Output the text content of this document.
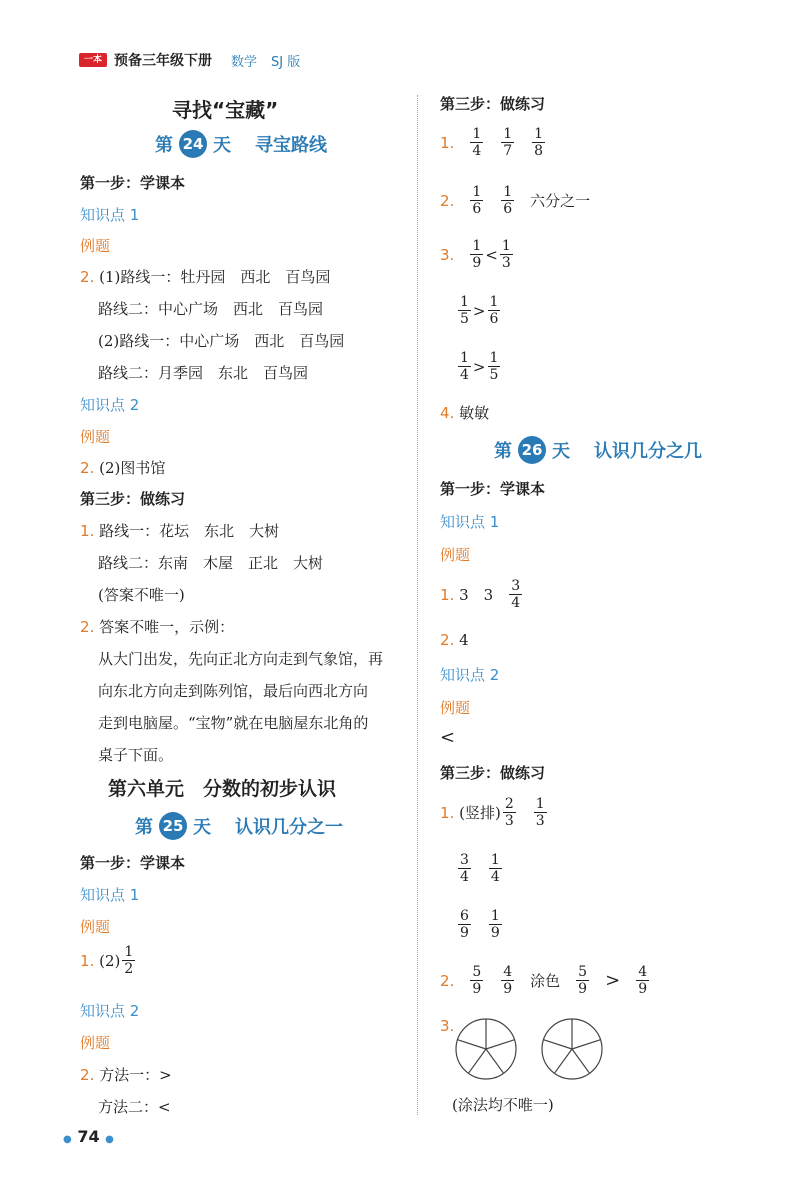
一本 预备三年级下册 数学 SJ 版
寻找“宝藏”
第 24 天 寻宝路线
第一步：学课本
知识点 1
例题
2. (1)路线一：牡丹园　西北　百鸟园
路线二：中心广场　西北　百鸟园
(2)路线一：中心广场　西北　百鸟园
路线二：月季园　东北　百鸟园
知识点 2
例题
2. (2)图书馆
第三步：做练习
1. 路线一：花坛　东北　大树
路线二：东南　木屋　正北　大树
(答案不唯一)
2. 答案不唯一，示例：
从大门出发，先向正北方向走到气象馆，再
向东北方向走到陈列馆，最后向西北方向
走到电脑屋。“宝物”就在电脑屋东北角的
桌子下面。
第六单元　分数的初步认识
第 25 天 认识几分之一
第一步：学课本
知识点 1
例题
1.
$(2) \frac{1}{2}$
知识点 2
例题
2. 方法一：>
方法二：<
第三步：做练习
1. $\frac{1}{4} \frac{1}{7} \frac{1}{8}$
2. $\frac{1}{6} \frac{1}{6}$ 六分之一
3. $\frac{1}{9} < \frac{1}{3}$
$\frac{1}{5} > \frac{1}{6}$
$\frac{1}{4} > \frac{1}{5}$
4. 敏敏
第 26 天 认识几分之几
第一步：学课本
知识点 1
例题
1.
3　$3 \frac{3}{4}$
2. 4
知识点 2
例题
<
第三步：做练习
1.
(竖排) $\frac{2}{3} \frac{1}{3}$
$\frac{3}{4} \frac{1}{4}$
$\frac{6}{9} \frac{1}{9}$
2. $\frac{5}{9} \frac{4}{9}$ 涂色 $\frac{5}{9} > \frac{4}{9}$
3.
(涂法均不唯一)
● 74 ●
